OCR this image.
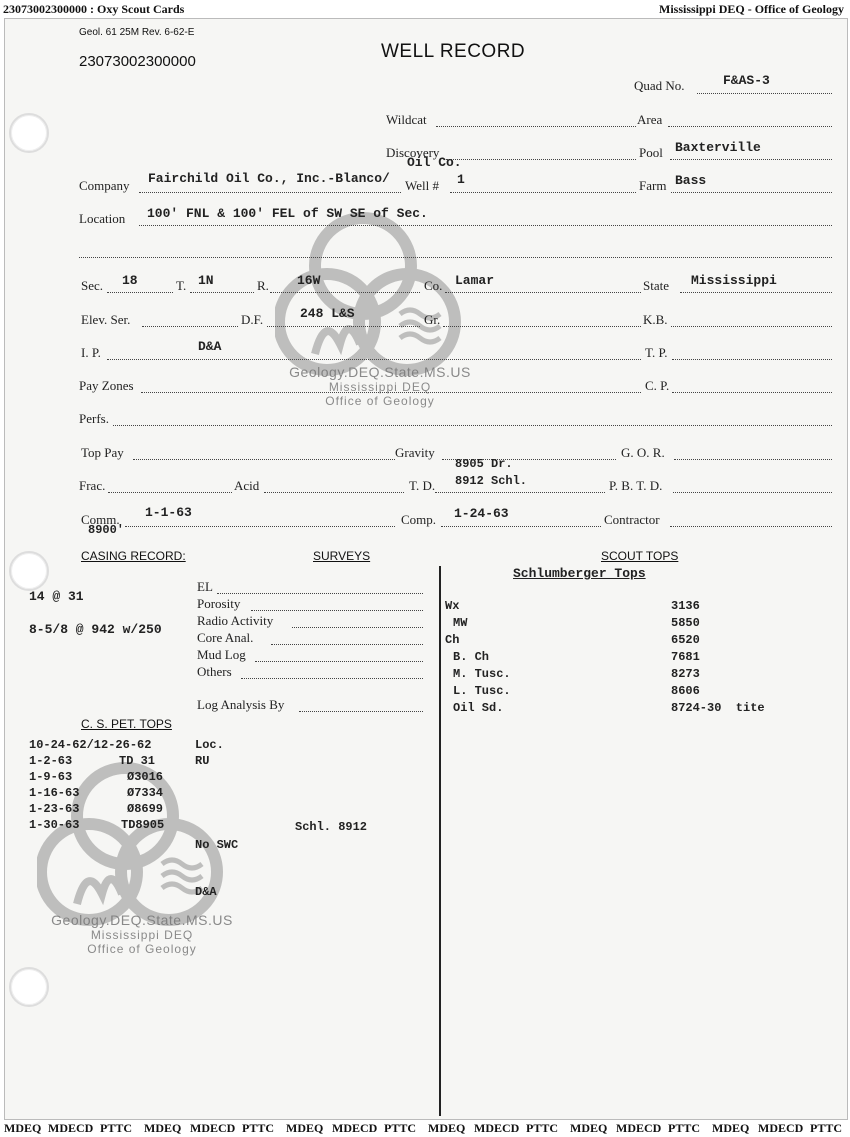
23073002300000 : Oxy Scout Cards	Mississippi DEQ - Office of Geology
Geology.DEQ.State.MS.US
Mississippi DEQ
Office of Geology
Geology.DEQ.State.MS.US
Mississippi DEQ
Office of Geology
Geol. 61 25M Rev. 6-62-E
23073002300000	WELL RECORD
Quad No.	F&AS-3
Wildcat	Area
Discovery	Pool Baxterville
Company Fairchild Oil Co., Inc.-Blanco/
Oil Co.
Well # 1	Farm Bass
Location 100' FNL & 100' FEL of SW SE of Sec.
Sec. 18	T. 1N	R. 16W	Co. Lamar	State Mississippi
Elev. Ser.	D.F.	248 L&S	Gr.	K.B.
I. P.	D&A	T. P.
Pay Zones	C. P.
Perfs.
Top Pay	Gravity	G. O. R.
8905 Dr.
Frac.	Acid	T. D. 8912 Schl.	P. B. T. D.
Comm. 1-1-63
8900'
Comp. 1-24-63	Contractor
CASING RECORD:
14 @ 31
8-5/8 @ 942 w/250
SURVEYS
EL
Porosity
Radio Activity
Core Anal.
Mud Log
Others
Log Analysis By
C. S. PET. TOPS
10-24-62/12-26-62	Loc.
1-2-63	TD 31	RU
1-9-63	Ø3016
1-16-63	Ø7334
1-23-63	Ø8699
1-30-63	TD8905	Schl. 8912
No SWC
D&A
SCOUT TOPS
Schlumberger Tops
Wx	3136
MW	5850
Ch	6520
B. Ch	7681
M. Tusc.	8273
L. Tusc.	8606
Oil Sd.	8724-30  tite
MDEQ MDECD PTTC MDEQ MDECD PTTC MDEQ MDECD PTTC MDEQ MDECD PTTC MDEQ MDECD PTTC MDEQ MDECD PTTC
